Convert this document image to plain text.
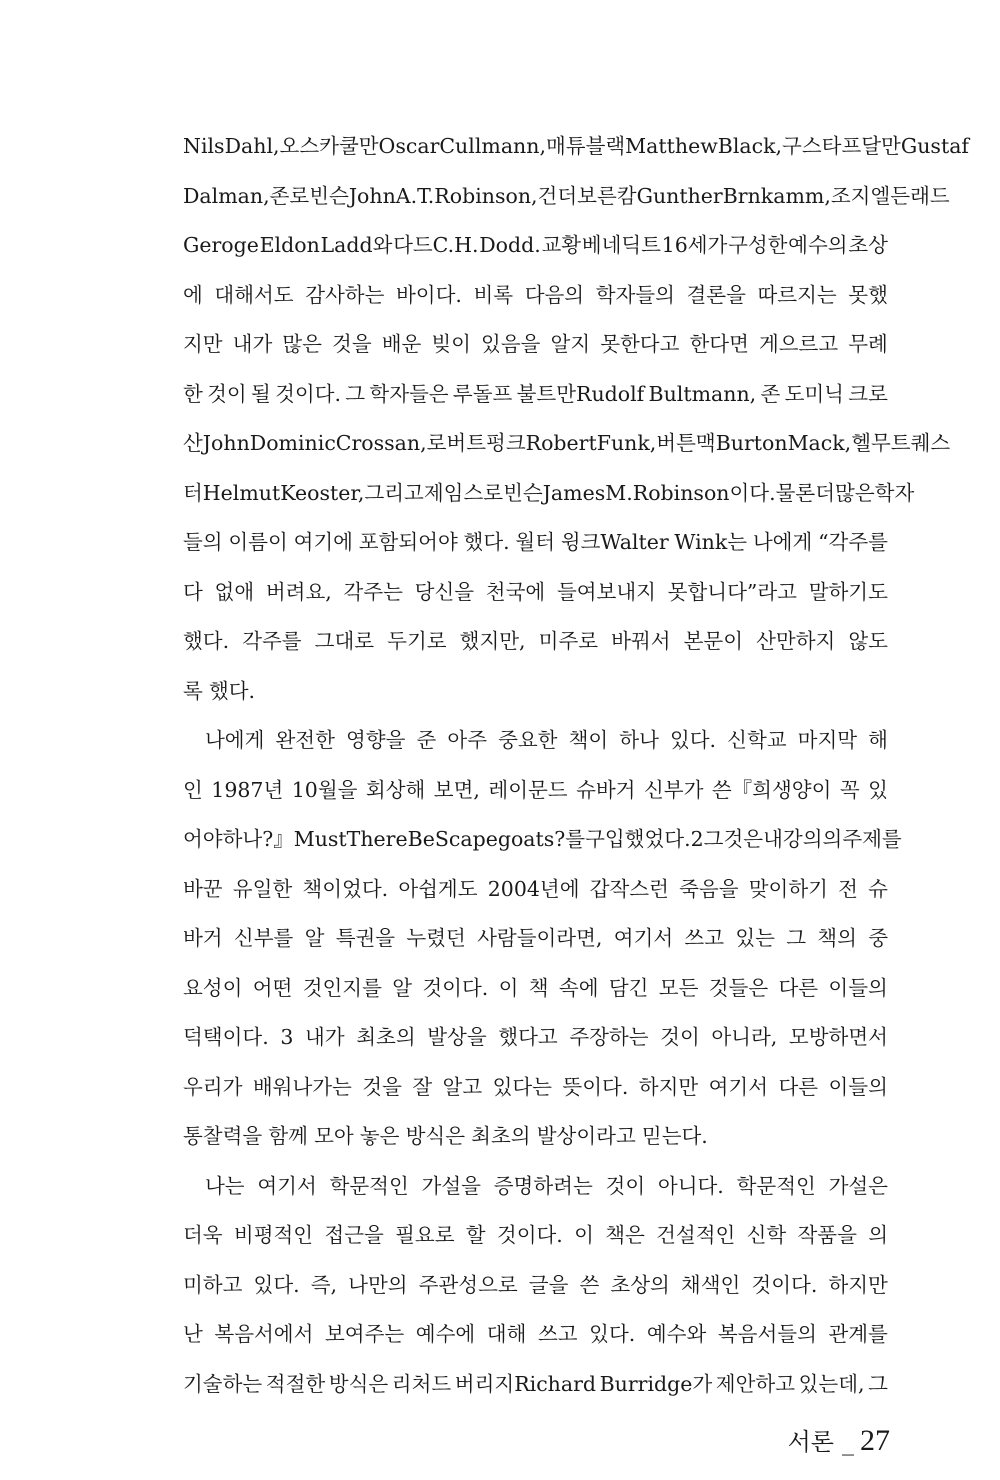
Nils Dahl, 오스카 쿨만Oscar Cullmann, 매튜 블랙Matthew Black, 구스타프 달만Gustaf
Dalman, 존 로빈슨John A.T. Robinson, 건더 보른캄Gunther Brnkamm, 조지 엘든 래드
Geroge Eldon Ladd와 다드C.H. Dodd. 교황 베네딕트 16세가 구성한 예수의 초상
에 대해서도 감사하는 바이다. 비록 다음의 학자들의 결론을 따르지는 못했
지만 내가 많은 것을 배운 빚이 있음을 알지 못한다고 한다면 게으르고 무례
한 것이 될 것이다. 그 학자들은 루돌프 불트만Rudolf Bultmann, 존 도미닉 크로
산John Dominic Crossan, 로버트 펑크Robert Funk, 버튼 맥Burton Mack, 헬무트 퀘스
터Helmut Keoster, 그리고 제임스 로빈슨James M. Robinson이다. 물론 더 많은 학자
들의 이름이 여기에 포함되어야 했다. 월터 윙크Walter Wink는 나에게 “각주를
다 없애 버려요, 각주는 당신을 천국에 들여보내지 못합니다”라고 말하기도
했다. 각주를 그대로 두기로 했지만, 미주로 바꿔서 본문이 산만하지 않도
록 했다.
나에게 완전한 영향을 준 아주 중요한 책이 하나 있다. 신학교 마지막 해
인 1987년 10월을 회상해 보면, 레이문드 슈바거 신부가 쓴『희생양이 꼭 있
어야 하나?』Must There Be Scapegoats?를 구입했었다. 2 그것은 내 강의의 주제를
바꾼 유일한 책이었다. 아쉽게도 2004년에 갑작스런 죽음을 맞이하기 전 슈
바거 신부를 알 특권을 누렸던 사람들이라면, 여기서 쓰고 있는 그 책의 중
요성이 어떤 것인지를 알 것이다. 이 책 속에 담긴 모든 것들은 다른 이들의
덕택이다. 3 내가 최초의 발상을 했다고 주장하는 것이 아니라, 모방하면서
우리가 배워나가는 것을 잘 알고 있다는 뜻이다. 하지만 여기서 다른 이들의
통찰력을 함께 모아 놓은 방식은 최초의 발상이라고 믿는다.
나는 여기서 학문적인 가설을 증명하려는 것이 아니다. 학문적인 가설은
더욱 비평적인 접근을 필요로 할 것이다. 이 책은 건설적인 신학 작품을 의
미하고 있다. 즉, 나만의 주관성으로 글을 쓴 초상의 채색인 것이다. 하지만
난 복음서에서 보여주는 예수에 대해 쓰고 있다. 예수와 복음서들의 관계를
기술하는 적절한 방식은 리처드 버리지Richard Burridge가 제안하고 있는데, 그
서론 _ 27
